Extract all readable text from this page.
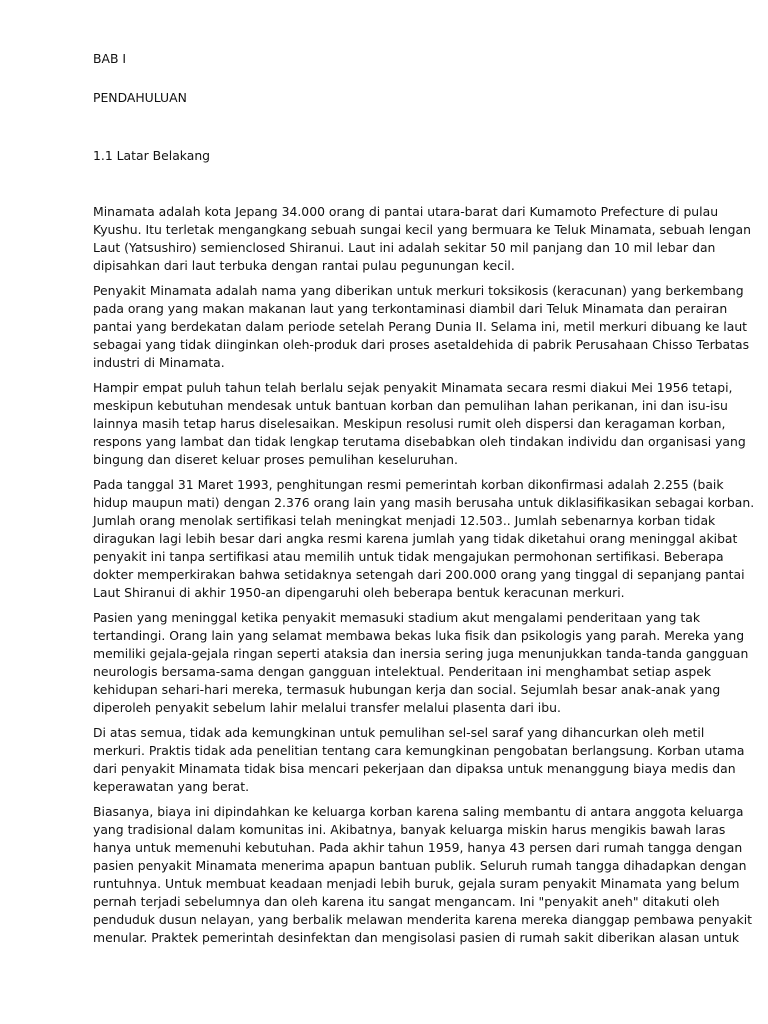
BAB I

PENDAHULUAN

1.1 Latar Belakang

Minamata adalah kota Jepang 34.000 orang di pantai utara-barat dari Kumamoto Prefecture di pulau
Kyushu. Itu terletak mengangkang sebuah sungai kecil yang bermuara ke Teluk Minamata, sebuah lengan
Laut (Yatsushiro) semienclosed Shiranui. Laut ini adalah sekitar 50 mil panjang dan 10 mil lebar dan
dipisahkan dari laut terbuka dengan rantai pulau pegunungan kecil.

Penyakit Minamata adalah nama yang diberikan untuk merkuri toksikosis (keracunan) yang berkembang
pada orang yang makan makanan laut yang terkontaminasi diambil dari Teluk Minamata dan perairan
pantai yang berdekatan dalam periode setelah Perang Dunia II. Selama ini, metil merkuri dibuang ke laut
sebagai yang tidak diinginkan oleh-produk dari proses asetaldehida di pabrik Perusahaan Chisso Terbatas
industri di Minamata.

Hampir empat puluh tahun telah berlalu sejak penyakit Minamata secara resmi diakui Mei 1956 tetapi,
meskipun kebutuhan mendesak untuk bantuan korban dan pemulihan lahan perikanan, ini dan isu-isu
lainnya masih tetap harus diselesaikan. Meskipun resolusi rumit oleh dispersi dan keragaman korban,
respons yang lambat dan tidak lengkap terutama disebabkan oleh tindakan individu dan organisasi yang
bingung dan diseret keluar proses pemulihan keseluruhan.

Pada tanggal 31 Maret 1993, penghitungan resmi pemerintah korban dikonfirmasi adalah 2.255 (baik
hidup maupun mati) dengan 2.376 orang lain yang masih berusaha untuk diklasifikasikan sebagai korban.
Jumlah orang menolak sertifikasi telah meningkat menjadi 12.503.. Jumlah sebenarnya korban tidak
diragukan lagi lebih besar dari angka resmi karena jumlah yang tidak diketahui orang meninggal akibat
penyakit ini tanpa sertifikasi atau memilih untuk tidak mengajukan permohonan sertifikasi. Beberapa
dokter memperkirakan bahwa setidaknya setengah dari 200.000 orang yang tinggal di sepanjang pantai
Laut Shiranui di akhir 1950-an dipengaruhi oleh beberapa bentuk keracunan merkuri.

Pasien yang meninggal ketika penyakit memasuki stadium akut mengalami penderitaan yang tak
tertandingi. Orang lain yang selamat membawa bekas luka fisik dan psikologis yang parah. Mereka yang
memiliki gejala-gejala ringan seperti ataksia dan inersia sering juga menunjukkan tanda-tanda gangguan
neurologis bersama-sama dengan gangguan intelektual. Penderitaan ini menghambat setiap aspek
kehidupan sehari-hari mereka, termasuk hubungan kerja dan social. Sejumlah besar anak-anak yang
diperoleh penyakit sebelum lahir melalui transfer melalui plasenta dari ibu.

Di atas semua, tidak ada kemungkinan untuk pemulihan sel-sel saraf yang dihancurkan oleh metil
merkuri. Praktis tidak ada penelitian tentang cara kemungkinan pengobatan berlangsung. Korban utama
dari penyakit Minamata tidak bisa mencari pekerjaan dan dipaksa untuk menanggung biaya medis dan
keperawatan yang berat.

Biasanya, biaya ini dipindahkan ke keluarga korban karena saling membantu di antara anggota keluarga
yang tradisional dalam komunitas ini. Akibatnya, banyak keluarga miskin harus mengikis bawah laras
hanya untuk memenuhi kebutuhan. Pada akhir tahun 1959, hanya 43 persen dari rumah tangga dengan
pasien penyakit Minamata menerima apapun bantuan publik. Seluruh rumah tangga dihadapkan dengan
runtuhnya. Untuk membuat keadaan menjadi lebih buruk, gejala suram penyakit Minamata yang belum
pernah terjadi sebelumnya dan oleh karena itu sangat mengancam. Ini "penyakit aneh" ditakuti oleh
penduduk dusun nelayan, yang berbalik melawan menderita karena mereka dianggap pembawa penyakit
menular. Praktek pemerintah desinfektan dan mengisolasi pasien di rumah sakit diberikan alasan untuk
